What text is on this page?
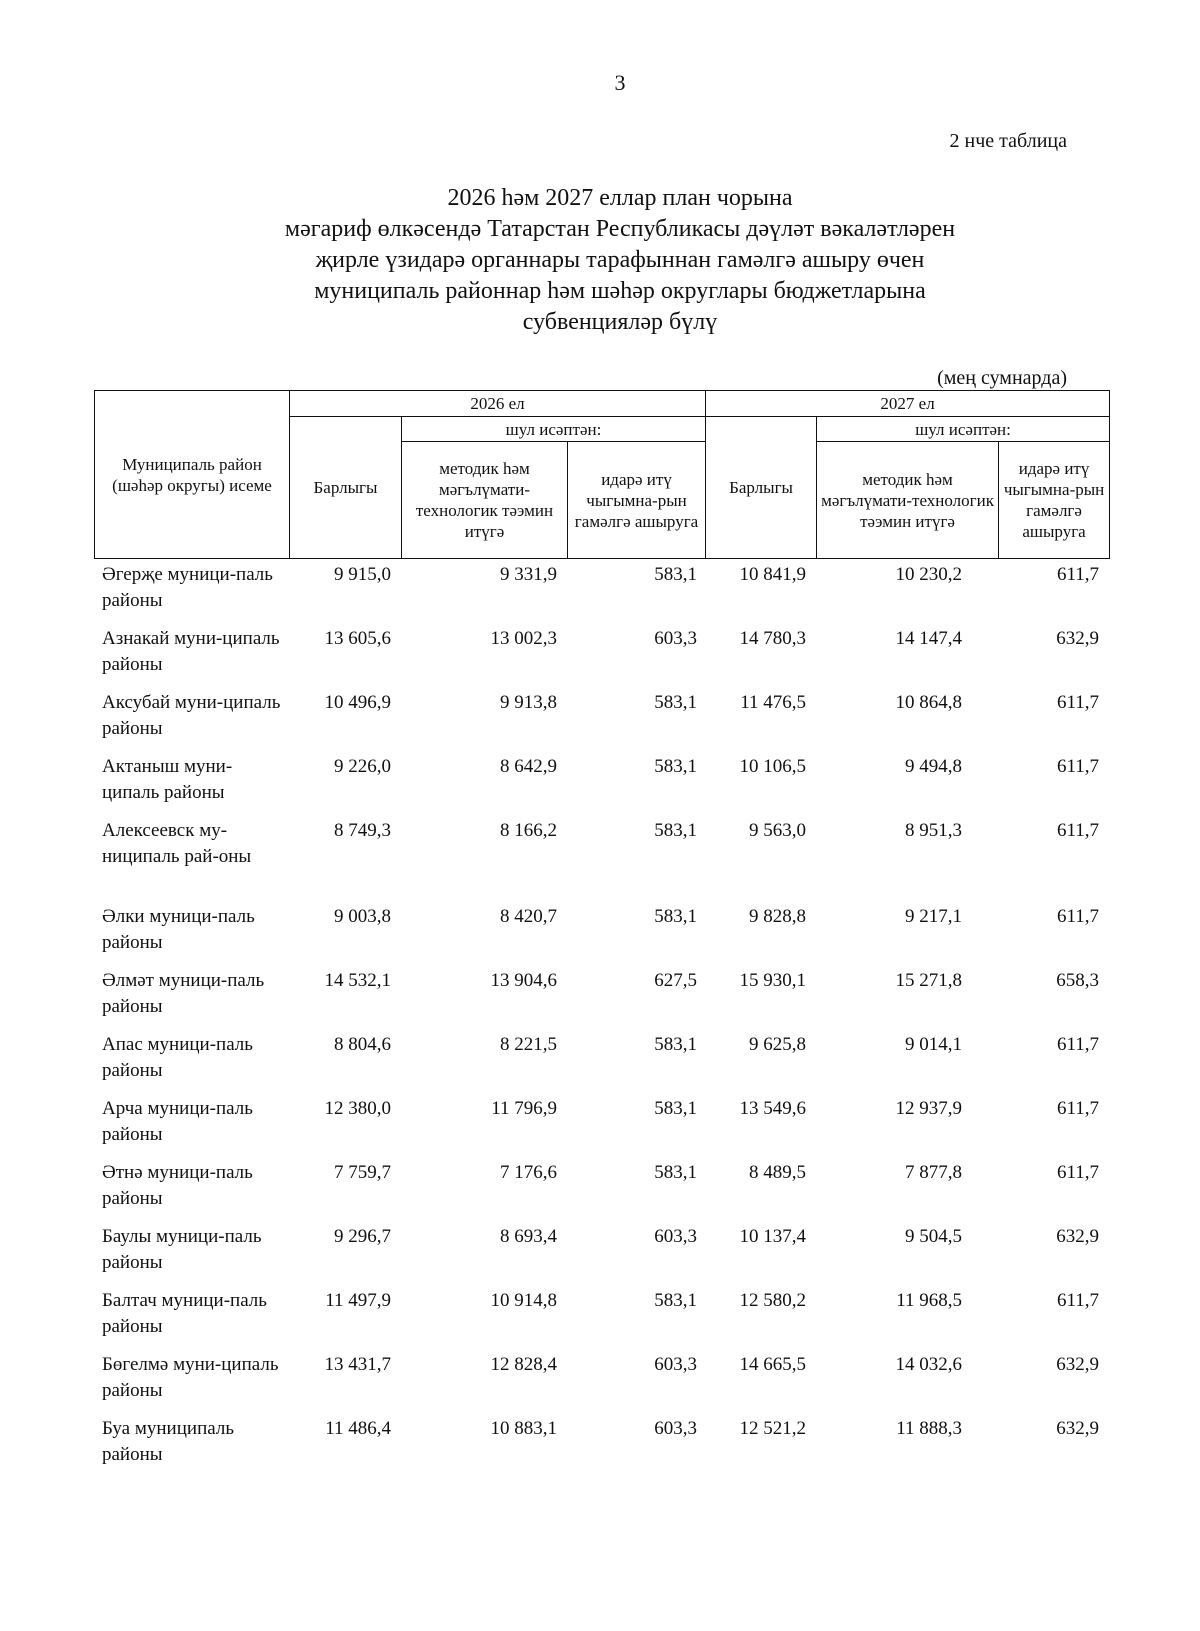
3
2 нче таблица
2026 һәм 2027 еллар план чорына
мәгариф өлкәсендә Татарстан Республикасы дәүләт вәкаләтләрен
җирле үзидарә органнары тарафыннан гамәлгә ашыру өчен
муниципаль районнар һәм шәһәр округлары бюджетларына
субвенцияләр бүлү
(мең сумнарда)
Муниципаль район (шәһәр округы) исеме	2026 ел			2027 ел		
	Барлыгы	шул исәптән:		Барлыгы	шул исәптән:	
		методик һәм мәгълүмати-технологик тәэмин итүгә	идарә итү чыгымна-рын гамәлгә ашыруга		методик һәм мәгълүмати-технологик тәэмин итүгә	идарә итү чыгымна-рын гамәлгә ашыруга
Әгерҗе муници-паль районы	9 915,0	9 331,9	583,1	10 841,9	10 230,2	611,7
Азнакай муни-ципаль районы	13 605,6	13 002,3	603,3	14 780,3	14 147,4	632,9
Аксубай муни-ципаль районы	10 496,9	9 913,8	583,1	11 476,5	10 864,8	611,7
Актаныш муни-ципаль районы	9 226,0	8 642,9	583,1	10 106,5	9 494,8	611,7
Алексеевск му-ниципаль рай-оны	8 749,3	8 166,2	583,1	9 563,0	8 951,3	611,7
Әлки муници-паль районы	9 003,8	8 420,7	583,1	9 828,8	9 217,1	611,7
Әлмәт муници-паль районы	14 532,1	13 904,6	627,5	15 930,1	15 271,8	658,3
Апас муници-паль районы	8 804,6	8 221,5	583,1	9 625,8	9 014,1	611,7
Арча муници-паль районы	12 380,0	11 796,9	583,1	13 549,6	12 937,9	611,7
Әтнә муници-паль районы	7 759,7	7 176,6	583,1	8 489,5	7 877,8	611,7
Баулы муници-паль районы	9 296,7	8 693,4	603,3	10 137,4	9 504,5	632,9
Балтач муници-паль районы	11 497,9	10 914,8	583,1	12 580,2	11 968,5	611,7
Бөгелмә муни-ципаль районы	13 431,7	12 828,4	603,3	14 665,5	14 032,6	632,9
Буа муниципаль районы	11 486,4	10 883,1	603,3	12 521,2	11 888,3	632,9
